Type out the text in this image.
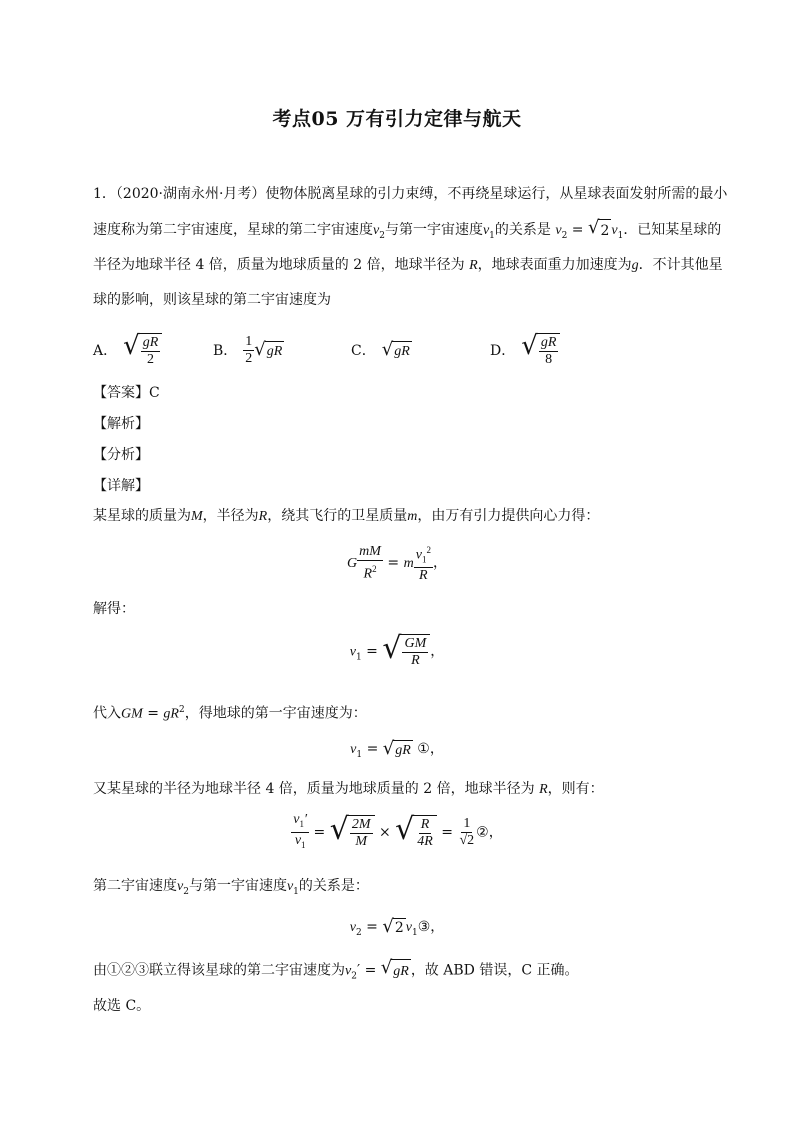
考点05 万有引力定律与航天
1．（2020·湖南永州·月考）使物体脱离星球的引力束缚，不再绕星球运行，从星球表面发射所需的最小
速度称为第二宇宙速度，星球的第二宇宙速度$v_2$与第一宇宙速度$v_1$的关系是 $v_2$ = √ 2 $v_1$．已知某星球的
半径为地球半径 4 倍，质量为地球质量的 2 倍，地球半径为 R，地球表面重力加速度为g．不计其他星
球的影响，则该星球的第二宇宙速度为
A． √ $\frac{gR}{2}$	B． $\frac{1}{2}$ √ gR	C． √ gR	D． √ $\frac{gR}{8}$
【答案】C
【解析】
【分析】
【详解】
某星球的质量为M，半径为R，绕其飞行的卫星质量m，由万有引力提供向心力得：
G $\frac{mM}{R^2} = m \frac{v_1^2}{R}$ ，
解得：
$v_1$ = √ $\frac{GM}{R}$ ，
代入GM = $gR^2$，得地球的第一宇宙速度为：
$v_1$ = √ gR ①，
又某星球的半径为地球半径 4 倍，质量为地球质量的 2 倍，地球半径为 R，则有：
$\frac{v_1'}{v_1}$ = √ $\frac{2M}{M}$ × √ $\frac{R}{4R} = \frac{1}{√2}$ ②，
第二宇宙速度$v_2$与第一宇宙速度$v_1$的关系是：
$v_2$ = √ 2 $v_1③$，
由①②③联立得该星球的第二宇宙速度为$v_2'$ = √ gR ，故 ABD 错误，C 正确。
故选 C。
